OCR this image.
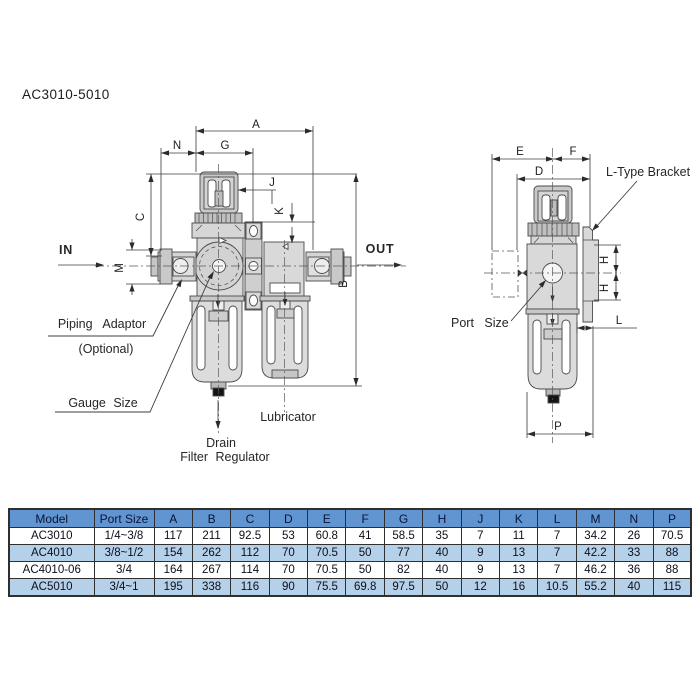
AC3010-5010
A
N	G
C
M
J
K
B
IN	OUT
Piping Adaptor
(Optional)
Gauge Size
Lubricator
Drain
Filter Regulator
E	F
D
H
H
L
P
L-Type Bracket
Port Size
Model	Port Size	A	B	C	D	E	F	G	H	J	K	L	M	N	P
AC3010	1/4~3/8	117	211	92.5	53	60.8	41	58.5	35	7	11	7	34.2	26	70.5
AC4010	3/8~1/2	154	262	112	70	70.5	50	77	40	9	13	7	42.2	33	88
AC4010-06	3/4	164	267	114	70	70.5	50	82	40	9	13	7	46.2	36	88
AC5010	3/4~1	195	338	116	90	75.5	69.8	97.5	50	12	16	10.5	55.2	40	115
